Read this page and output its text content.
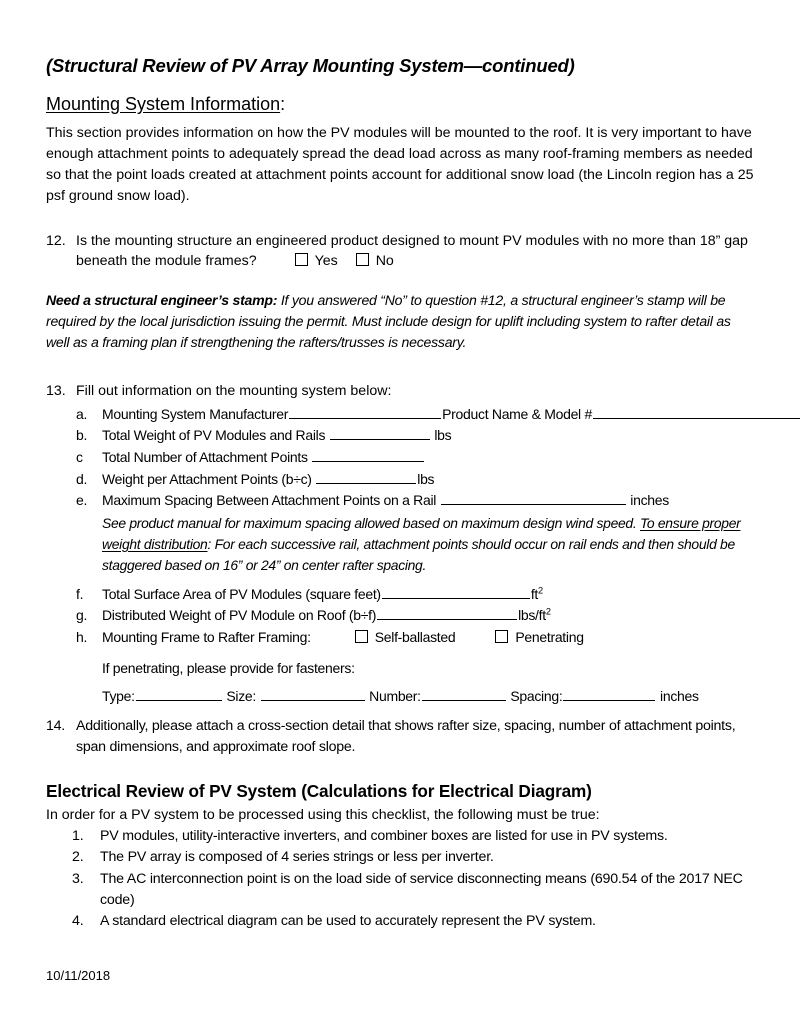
(Structural Review of PV Array Mounting System—continued)
Mounting System Information:
This section provides information on how the PV modules will be mounted to the roof. It is very important to have enough attachment points to adequately spread the dead load across as many roof-framing members as needed so that the point loads created at attachment points account for additional snow load (the Lincoln region has a 25 psf ground snow load).
12. Is the mounting structure an engineered product designed to mount PV modules with no more than 18” gap beneath the module frames?	Yes	No
Need a structural engineer’s stamp: If you answered “No” to question #12, a structural engineer’s stamp will be required by the local jurisdiction issuing the permit. Must include design for uplift including system to rafter detail as well as a framing plan if strengthening the rafters/trusses is necessary.
13. Fill out information on the mounting system below:
a.	Mounting System Manufacturer	Product Name & Model #
b.	Total Weight of PV Modules and Rails	lbs
c	Total Number of Attachment Points
d.	Weight per Attachment Points (b÷c)	lbs
e.	Maximum Spacing Between Attachment Points on a Rail	inches
See product manual for maximum spacing allowed based on maximum design wind speed. To ensure proper weight distribution: For each successive rail, attachment points should occur on rail ends and then should be staggered based on 16” or 24” on center rafter spacing.
f.	Total Surface Area of PV Modules (square feet)	$ft^2$
g.	Distributed Weight of PV Module on Roof (b÷f)	lbs/$ft^2$
h.	Mounting Frame to Rafter Framing:	Self-ballasted	Penetrating
If penetrating, please provide for fasteners:
Type:	Size:	Number:	Spacing:	inches
14. Additionally, please attach a cross-section detail that shows rafter size, spacing, number of attachment points, span dimensions, and approximate roof slope.
Electrical Review of PV System (Calculations for Electrical Diagram)
In order for a PV system to be processed using this checklist, the following must be true:
1.	PV modules, utility-interactive inverters, and combiner boxes are listed for use in PV systems.
2.	The PV array is composed of 4 series strings or less per inverter.
3.	The AC interconnection point is on the load side of service disconnecting means (690.54 of the 2017 NEC code)
4.	A standard electrical diagram can be used to accurately represent the PV system.
10/11/2018
